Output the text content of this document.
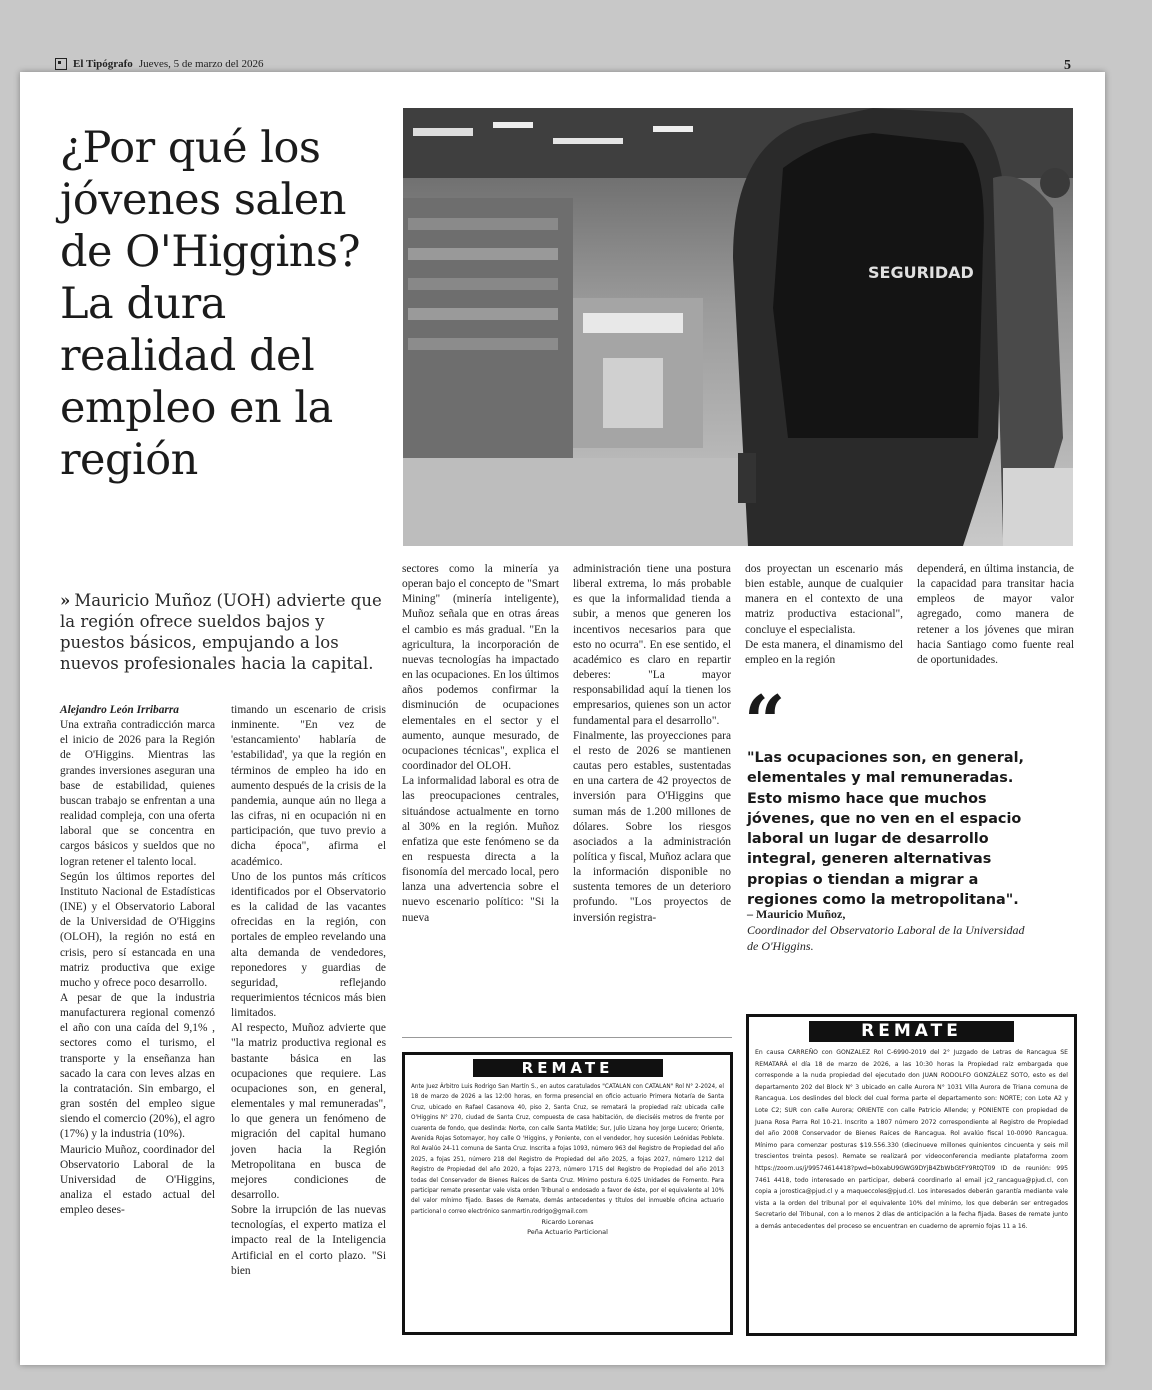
El Tipógrafo Jueves, 5 de marzo del 2026	5
¿Por qué los jóvenes salen de O'Higgins? La dura realidad del empleo en la región
SEGURIDAD
» Mauricio Muñoz (UOH) advierte que la región ofrece sueldos bajos y puestos básicos, empujando a los nuevos profesionales hacia la capital.

Alejandro León Irribarra

Una extraña contradicción marca el inicio de 2026 para la Región de O'Higgins. Mientras las grandes inversiones aseguran una base de estabilidad, quienes buscan trabajo se enfrentan a una realidad compleja, con una oferta laboral que se concentra en cargos básicos y sueldos que no logran retener el talento local.

Según los últimos reportes del Instituto Nacional de Estadísticas (INE) y el Observatorio Laboral de la Universidad de O'Higgins (OLOH), la región no está en crisis, pero sí estancada en una matriz productiva que exige mucho y ofrece poco desarrollo.

A pesar de que la industria manufacturera regional comenzó el año con una caída del 9,1% , sectores como el turismo, el transporte y la enseñanza han sacado la cara con leves alzas en la contratación. Sin embargo, el gran sostén del empleo sigue siendo el comercio (20%), el agro (17%) y la industria (10%).

Mauricio Muñoz, coordinador del Observatorio Laboral de la Universidad de O'Higgins, analiza el estado actual del empleo deses-

timando un escenario de crisis inminente. "En vez de 'estancamiento' hablaría de 'estabilidad', ya que la región en términos de empleo ha ido en aumento después de la crisis de la pandemia, aunque aún no llega a las cifras, ni en ocupación ni en participación, que tuvo previo a dicha época", afirma el académico.

Uno de los puntos más críticos identificados por el Observatorio es la calidad de las vacantes ofrecidas en la región, con portales de empleo revelando una alta demanda de vendedores, reponedores y guardias de seguridad, reflejando requerimientos técnicos más bien limitados.

Al respecto, Muñoz advierte que "la matriz productiva regional es bastante básica en las ocupaciones que requiere. Las ocupaciones son, en general, elementales y mal remuneradas", lo que genera un fenómeno de migración del capital humano joven hacia la Región Metropolitana en busca de mejores condiciones de desarrollo.

Sobre la irrupción de las nuevas tecnologías, el experto matiza el impacto real de la Inteligencia Artificial en el corto plazo. "Si bien

sectores como la minería ya operan bajo el concepto de "Smart Mining" (minería inteligente), Muñoz señala que en otras áreas el cambio es más gradual. "En la agricultura, la incorporación de nuevas tecnologías ha impactado en las ocupaciones. En los últimos años podemos confirmar la disminución de ocupaciones elementales en el sector y el aumento, aunque mesurado, de ocupaciones técnicas", explica el coordinador del OLOH.

La informalidad laboral es otra de las preocupaciones centrales, situándose actualmente en torno al 30% en la región. Muñoz enfatiza que este fenómeno se da en respuesta directa a la fisonomía del mercado local, pero lanza una advertencia sobre el nuevo escenario político: "Si la nueva

administración tiene una postura liberal extrema, lo más probable es que la informalidad tienda a subir, a menos que generen los incentivos necesarios para que esto no ocurra". En ese sentido, el académico es claro en repartir deberes: "La mayor responsabilidad aquí la tienen los empresarios, quienes son un actor fundamental para el desarrollo".

Finalmente, las proyecciones para el resto de 2026 se mantienen cautas pero estables, sustentadas en una cartera de 42 proyectos de inversión para O'Higgins que suman más de 1.200 millones de dólares. Sobre los riesgos asociados a la administración política y fiscal, Muñoz aclara que la información disponible no sustenta temores de un deterioro profundo. "Los proyectos de inversión registra-

dos proyectan un escenario más bien estable, aunque de cualquier manera en el contexto de una matriz productiva estacional", concluye el especialista.

De esta manera, el dinamismo del empleo en la región

dependerá, en última instancia, de la capacidad para transitar hacia empleos de mayor valor agregado, como manera de retener a los jóvenes que miran hacia Santiago como fuente real de oportunidades.

“
"Las ocupaciones son, en general, elementales y mal remuneradas. Esto mismo hace que muchos jóvenes, que no ven en el espacio laboral un lugar de desarrollo integral, generen alternativas propias o tiendan a migrar a regiones como la metropolitana".
– Mauricio Muñoz,
Coordinador del Observatorio Laboral de la Universidad de O'Higgins.
REMATE
Ante Juez Árbitro Luis Rodrigo San Martín S., en autos caratulados "CATALAN con CATALAN" Rol N° 2-2024, el 18 de marzo de 2026 a las 12:00 horas, en forma presencial en oficio actuario Primera Notaría de Santa Cruz, ubicado en Rafael Casanova 40, piso 2, Santa Cruz, se rematará la propiedad raíz ubicada calle O'Higgins N° 270, ciudad de Santa Cruz, compuesta de casa habitación, de dieciséis metros de frente por cuarenta de fondo, que deslinda: Norte, con calle Santa Matilde; Sur, Julio Lizana hoy Jorge Lucero; Oriente, Avenida Rojas Sotomayor, hoy calle O 'Higgins, y Poniente, con el vendedor, hoy sucesión Leónidas Poblete. Rol Avalúo 24-11 comuna de Santa Cruz. Inscrita a fojas 1093, número 963 del Registro de Propiedad del año 2025, a fojas 251, número 218 del Registro de Propiedad del año 2025, a fojas 2027, número 1212 del Registro de Propiedad del año 2020, a fojas 2273, número 1715 del Registro de Propiedad del año 2013 todas del Conservador de Bienes Raíces de Santa Cruz. Mínimo postura 6.025 Unidades de Fomento. Para participar remate presentar vale vista orden Tribunal o endosado a favor de éste, por el equivalente al 10% del valor mínimo fijado. Bases de Remate, demás antecedentes y títulos del inmueble oficina actuario particional o correo electrónico sanmartin.rodrigo@gmail.com
Ricardo Lorenas
Peña Actuario Particional
REMATE
En causa CARREÑO con GONZALEZ Rol C-6990-2019 del 2° Juzgado de Letras de Rancagua SE REMATARÁ el día 18 de marzo de 2026, a las 10:30 horas la Propiedad raíz embargada que corresponde a la nuda propiedad del ejecutado don JUAN RODOLFO GONZÁLEZ SOTO, esto es del departamento 202 del Block N° 3 ubicado en calle Aurora N° 1031 Villa Aurora de Triana comuna de Rancagua. Los deslindes del block del cual forma parte el departamento son: NORTE; con Lote A2 y Lote C2; SUR con calle Aurora; ORIENTE con calle Patricio Allende; y PONIENTE con propiedad de Juana Rosa Parra Rol 10-21. Inscrito a 1807 número 2072 correspondiente al Registro de Propiedad del año 2008 Conservador de Bienes Raíces de Rancagua. Rol avalúo fiscal 10-0090 Rancagua. Mínimo para comenzar posturas $19.556.330 (diecinueve millones quinientos cincuenta y seis mil trescientos treinta pesos). Remate se realizará por videoconferencia mediante plataforma zoom https://zoom.us/j/99574614418?pwd=b0xabU9GWG9DYjB4ZbWbGtFY9RtQT09 ID de reunión: 995 7461 4418, todo interesado en participar, deberá coordinarlo al email jc2_rancagua@pjud.cl, con copia a jorostica@pjud.cl y a maqueccoles@pjud.cl. Los interesados deberán garantía mediante vale vista a la orden del tribunal por el equivalente 10% del mínimo, los que deberán ser entregados Secretario del Tribunal, con a lo menos 2 días de anticipación a la fecha fijada. Bases de remate junto a demás antecedentes del proceso se encuentran en cuaderno de apremio fojas 11 a 16.
